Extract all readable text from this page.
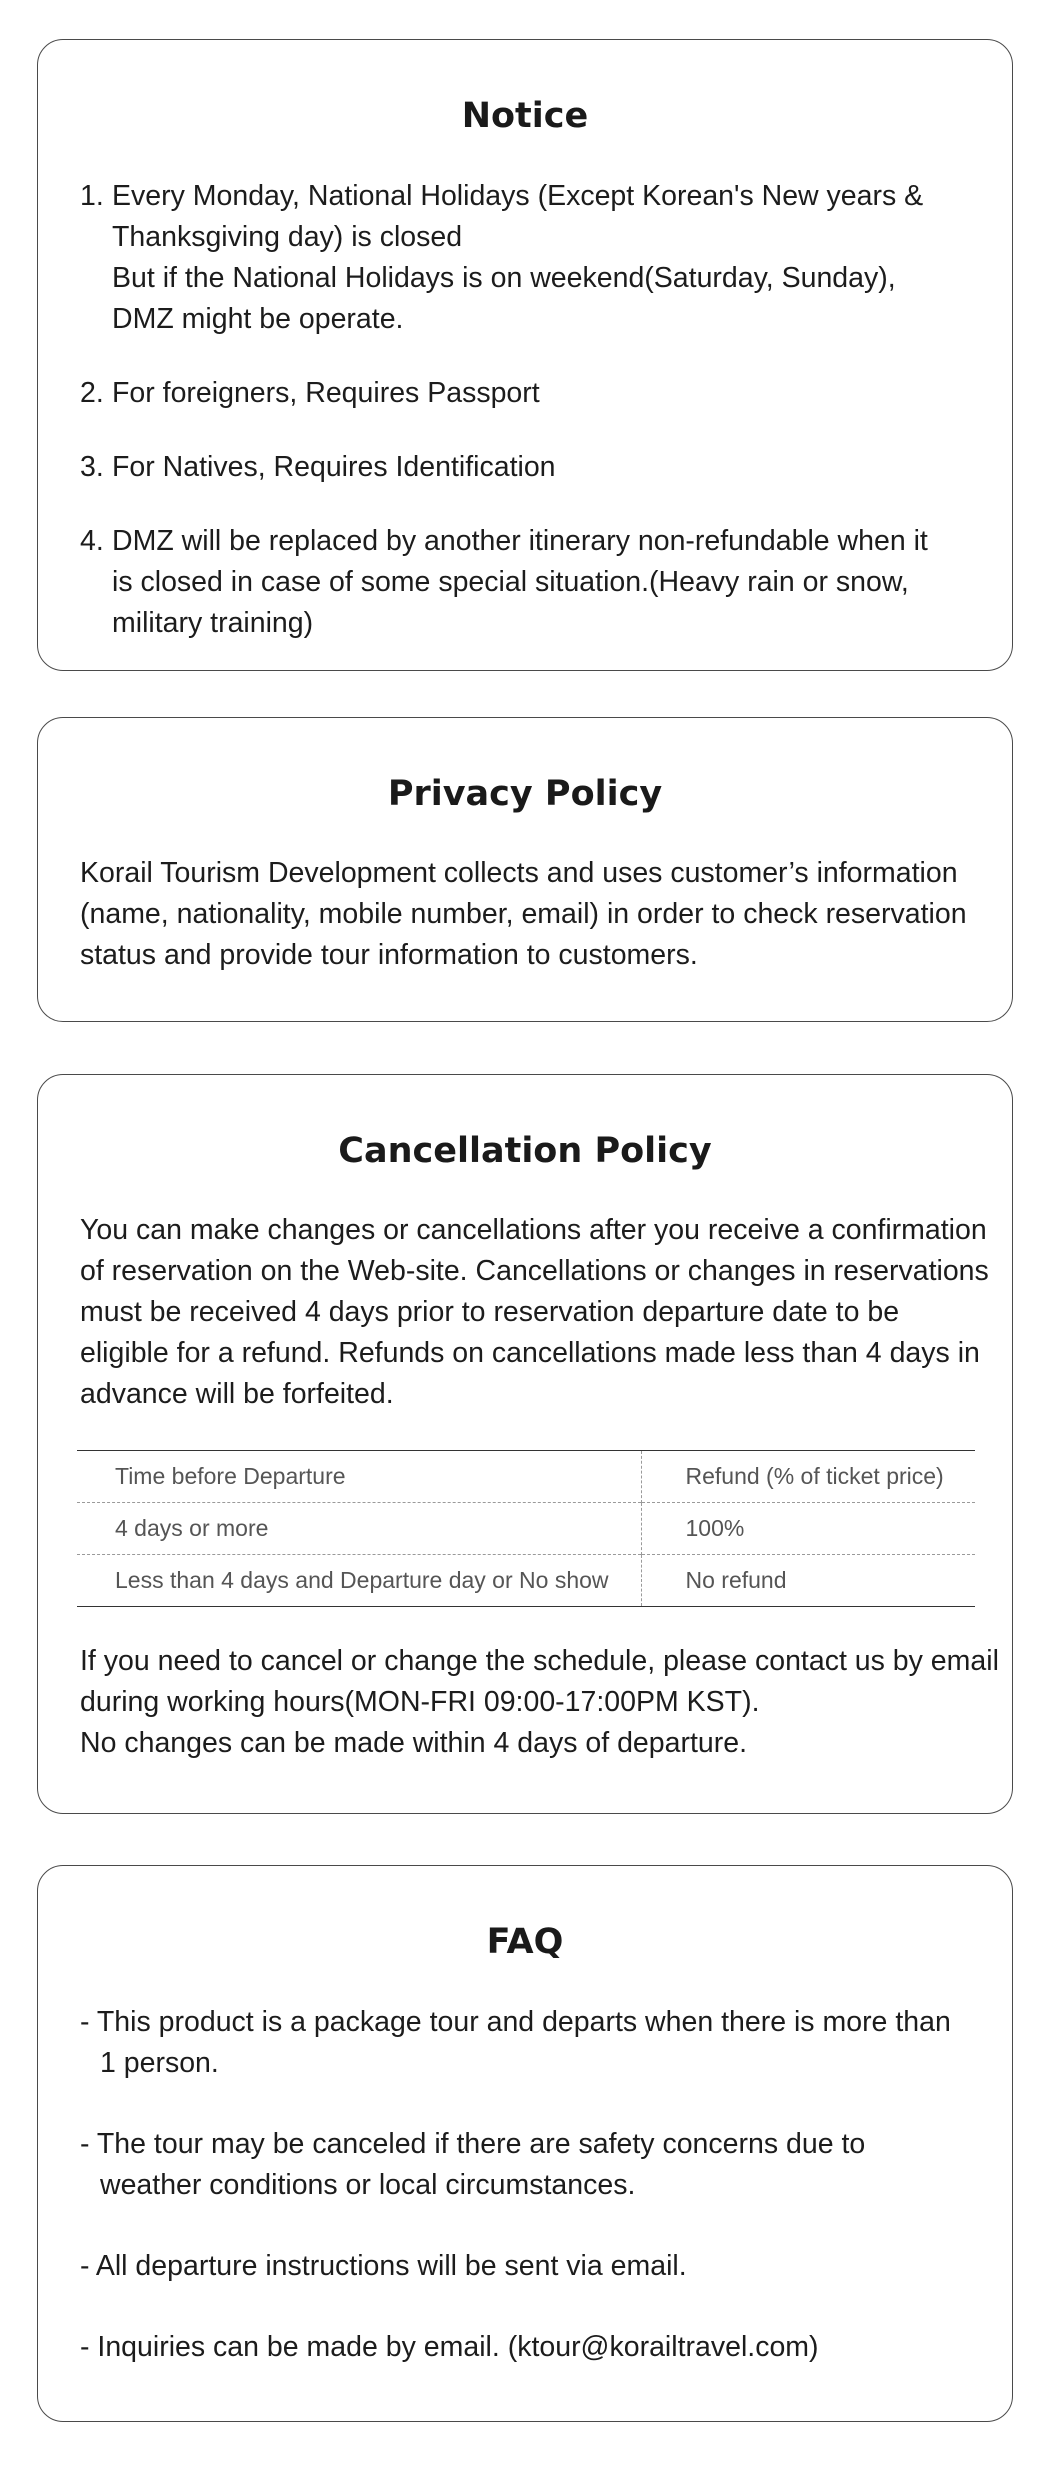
Notice
1. Every Monday, National Holidays (Except Korean's New years &
Thanksgiving day) is closed
But if the National Holidays is on weekend(Saturday, Sunday),
DMZ might be operate.
2. For foreigners, Requires Passport
3. For Natives, Requires Identification
4. DMZ will be replaced by another itinerary non-refundable when it
is closed in case of some special situation.(Heavy rain or snow,
military training)
Privacy Policy

Korail Tourism Development collects and uses customer’s information
(name, nationality, mobile number, email) in order to check reservation
status and provide tour information to customers.

Cancellation Policy

You can make changes or cancellations after you receive a confirmation
of reservation on the Web-site. Cancellations or changes in reservations
must be received 4 days prior to reservation departure date to be
eligible for a refund. Refunds on cancellations made less than 4 days in
advance will be forfeited.

Time before Departure	Refund (% of ticket price)
4 days or more	100%
Less than 4 days and Departure day or No show	No refund

If you need to cancel or change the schedule, please contact us by email
during working hours(MON-FRI 09:00-17:00PM KST).
No changes can be made within 4 days of departure.

FAQ
- This product is a package tour and departs when there is more than
1 person.
- The tour may be canceled if there are safety concerns due to
weather conditions or local circumstances.
- All departure instructions will be sent via email.
- Inquiries can be made by email. (ktour@korailtravel.com)
